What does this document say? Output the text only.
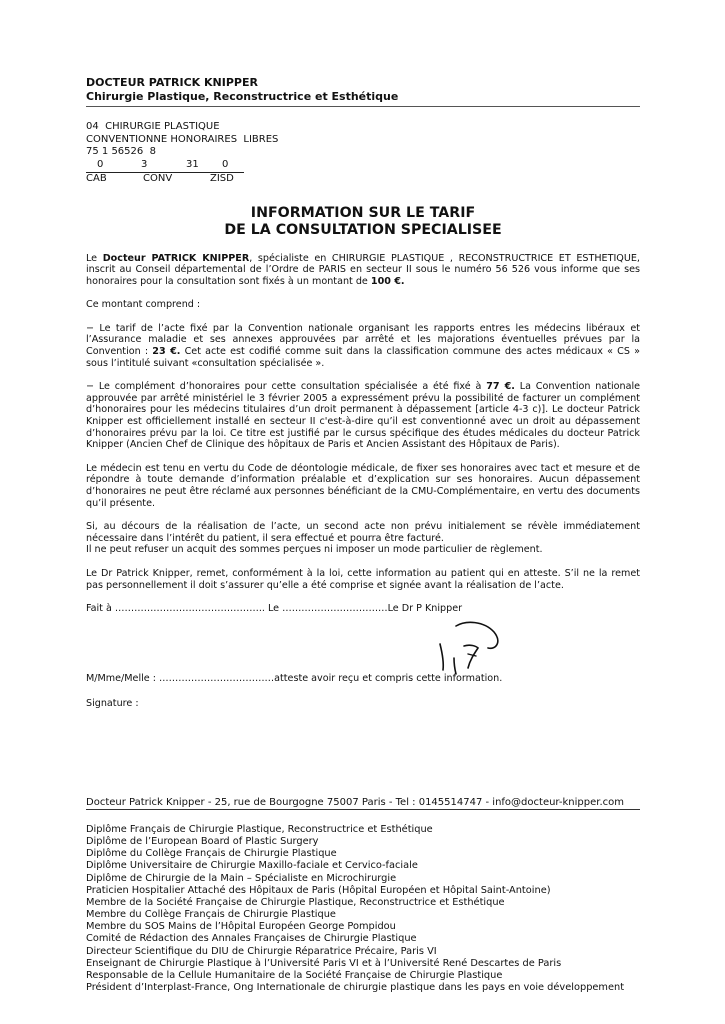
DOCTEUR PATRICK KNIPPER
Chirurgie Plastique, Reconstructrice et Esthétique
04  CHIRURGIE PLASTIQUE
CONVENTIONNE HONORAIRES  LIBRES
75 1 56526  8
0	3	31 0
CAB	CONV	ZISD
INFORMATION SUR LE TARIF
DE LA CONSULTATION SPECIALISEE

Le Docteur PATRICK KNIPPER, spécialiste en CHIRURGIE PLASTIQUE , RECONSTRUCTRICE ET ESTHETIQUE, inscrit au Conseil départemental de l’Ordre de PARIS en secteur II sous le numéro 56 526 vous informe que ses honoraires pour la consultation sont fixés à un montant de 100 €.

Ce montant comprend :

− Le tarif de l’acte fixé par la Convention nationale organisant les rapports entres les médecins libéraux et l’Assurance maladie et ses annexes approuvées par arrêté et les majorations éventuelles prévues par la Convention : 23 €. Cet acte est codifié comme suit dans la classification commune des actes médicaux « CS » sous l’intitulé suivant «consultation spécialisée ».

− Le complément d’honoraires pour cette consultation spécialisée a été fixé à 77 €. La Convention nationale approuvée par arrêté ministériel le 3 février 2005 a expressément prévu la possibilité de facturer un complément d’honoraires pour les médecins titulaires d’un droit permanent à dépassement [article 4-3 c)]. Le docteur Patrick Knipper est officiellement installé en secteur II c'est-à-dire qu’il est conventionné avec un droit au dépassement d’honoraires prévu par la loi. Ce titre est justifié par le cursus spécifique des études médicales du docteur Patrick Knipper (Ancien Chef de Clinique des hôpitaux de Paris et Ancien Assistant des Hôpitaux de Paris).

Le médecin est tenu en vertu du Code de déontologie médicale, de fixer ses honoraires avec tact et mesure et de répondre à toute demande d’information préalable et d’explication sur ses honoraires. Aucun dépassement d’honoraires ne peut être réclamé aux personnes bénéficiant de la CMU-Complémentaire, en vertu des documents qu’il présente.

Si, au décours de la réalisation de l’acte, un second acte non prévu initialement se révèle immédiatement nécessaire dans l’intérêt du patient, il sera effectué et pourra être facturé.
Il ne peut refuser un acquit des sommes perçues ni imposer un mode particulier de règlement.

Le Dr Patrick Knipper, remet, conformément à la loi, cette information au patient qui en atteste. S’il ne la remet pas personnellement il doit s’assurer qu’elle a été comprise et signée avant la réalisation de l’acte.

Fait à ……………………………………….. Le ……………………………Le Dr P Knipper
M/Mme/Melle : ………………………………atteste avoir reçu et compris cette information.
Signature :
Docteur Patrick Knipper - 25, rue de Bourgogne 75007 Paris - Tel : 0145514747 - info@docteur-knipper.com
Diplôme Français de Chirurgie Plastique, Reconstructrice et Esthétique
Diplôme de l’European Board of Plastic Surgery
Diplôme du Collège Français de Chirurgie Plastique
Diplôme Universitaire de Chirurgie Maxillo-faciale et Cervico-faciale
Diplôme de Chirurgie de la Main – Spécialiste en Microchirurgie
Praticien Hospitalier Attaché des Hôpitaux de Paris (Hôpital Européen et Hôpital Saint-Antoine)
Membre de la Société Française de Chirurgie Plastique, Reconstructrice et Esthétique
Membre du Collège Français de Chirurgie Plastique
Membre du SOS Mains de l’Hôpital Européen George Pompidou
Comité de Rédaction des Annales Françaises de Chirurgie Plastique
Directeur Scientifique du DIU de Chirurgie Réparatrice Précaire, Paris VI
Enseignant de Chirurgie Plastique à l’Université Paris VI et à l’Université René Descartes de Paris
Responsable de la Cellule Humanitaire de la Société Française de Chirurgie Plastique
Président d’Interplast-France, Ong Internationale de chirurgie plastique dans les pays en voie développement
